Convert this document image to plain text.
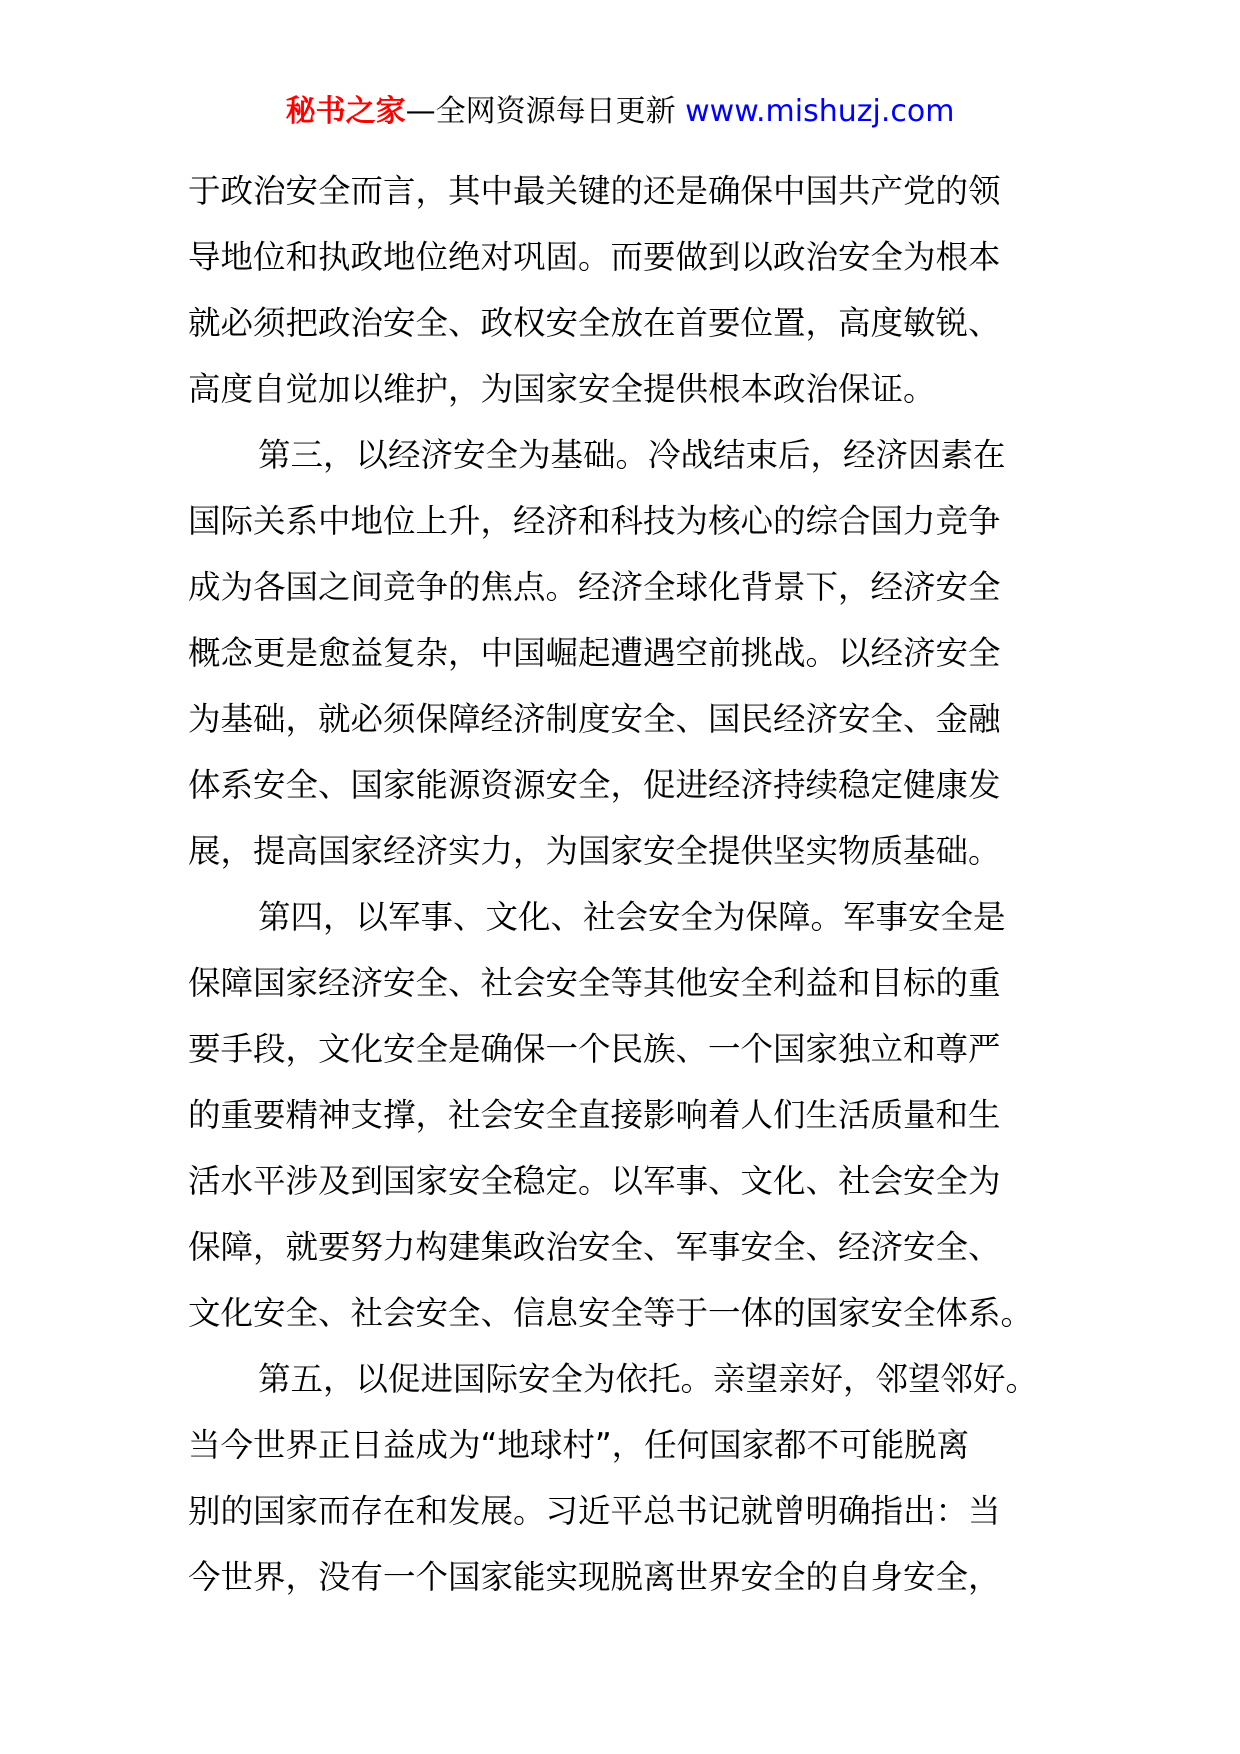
秘书之家—全网资源每日更新 www.mishuzj.com
于政治安全而言，其中最关键的还是确保中国共产党的领
导地位和执政地位绝对巩固。而要做到以政治安全为根本
就必须把政治安全、政权安全放在首要位置，高度敏锐、
高度自觉加以维护，为国家安全提供根本政治保证。
第三，以经济安全为基础。冷战结束后，经济因素在
国际关系中地位上升，经济和科技为核心的综合国力竞争
成为各国之间竞争的焦点。经济全球化背景下，经济安全
概念更是愈益复杂，中国崛起遭遇空前挑战。以经济安全
为基础，就必须保障经济制度安全、国民经济安全、金融
体系安全、国家能源资源安全，促进经济持续稳定健康发
展，提高国家经济实力，为国家安全提供坚实物质基础。
第四，以军事、文化、社会安全为保障。军事安全是
保障国家经济安全、社会安全等其他安全利益和目标的重
要手段，文化安全是确保一个民族、一个国家独立和尊严
的重要精神支撑，社会安全直接影响着人们生活质量和生
活水平涉及到国家安全稳定。以军事、文化、社会安全为
保障，就要努力构建集政治安全、军事安全、经济安全、
文化安全、社会安全、信息安全等于一体的国家安全体系。
第五，以促进国际安全为依托。亲望亲好，邻望邻好。
当今世界正日益成为“地球村”，任何国家都不可能脱离
别的国家而存在和发展。习近平总书记就曾明确指出：当
今世界，没有一个国家能实现脱离世界安全的自身安全，
